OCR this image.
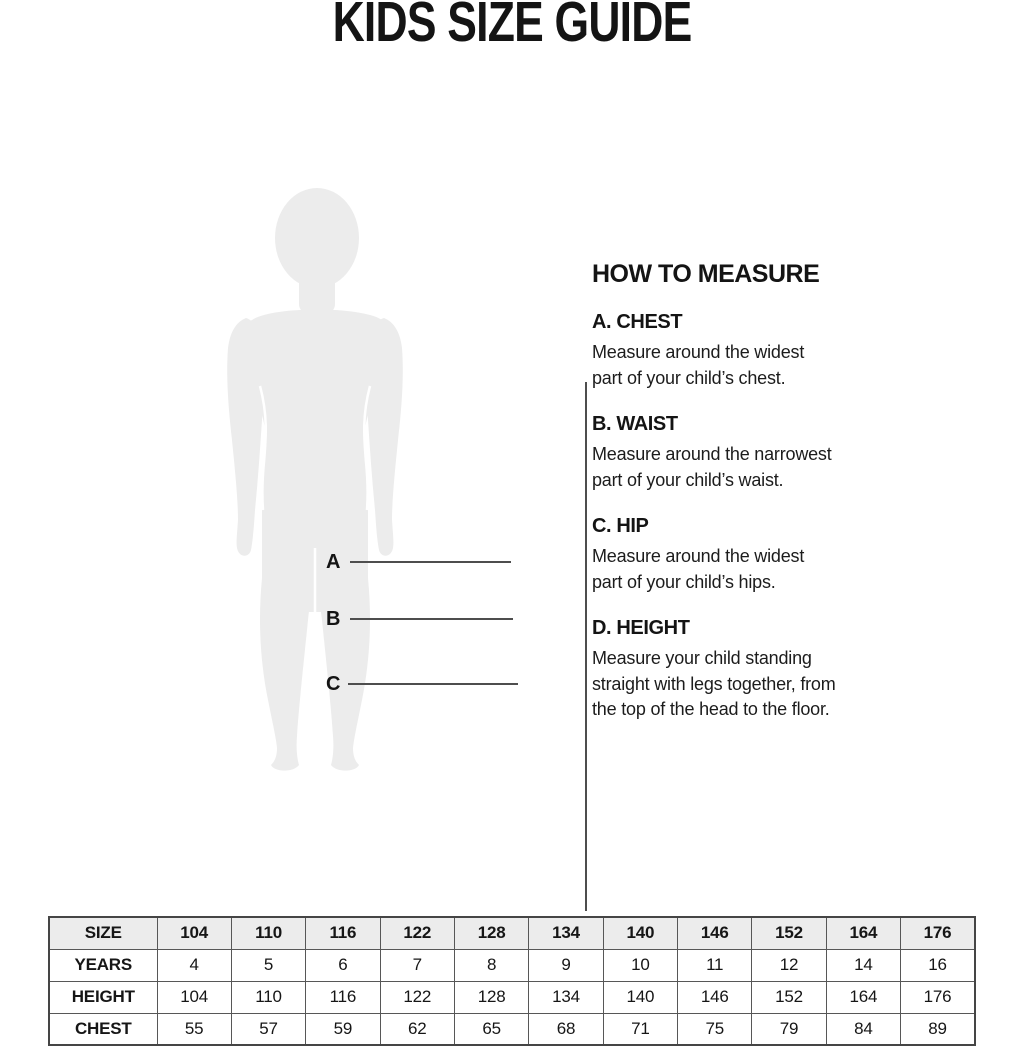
KIDS SIZE GUIDE
A
B
C
HOW TO MEASURE
A. CHEST

Measure around the widest
part of your child’s chest.

B. WAIST

Measure around the narrowest
part of your child’s waist.

C. HIP

Measure around the widest
part of your child’s hips.

D. HEIGHT

Measure your child standing
straight with legs together, from
the top of the head to the floor.

SIZE	104	110	116	122	128	134	140	146	152	164	176
YEARS	4	5	6	7	8	9	10	11	12	14	16
HEIGHT	104	110	116	122	128	134	140	146	152	164	176
CHEST	55	57	59	62	65	68	71	75	79	84	89
